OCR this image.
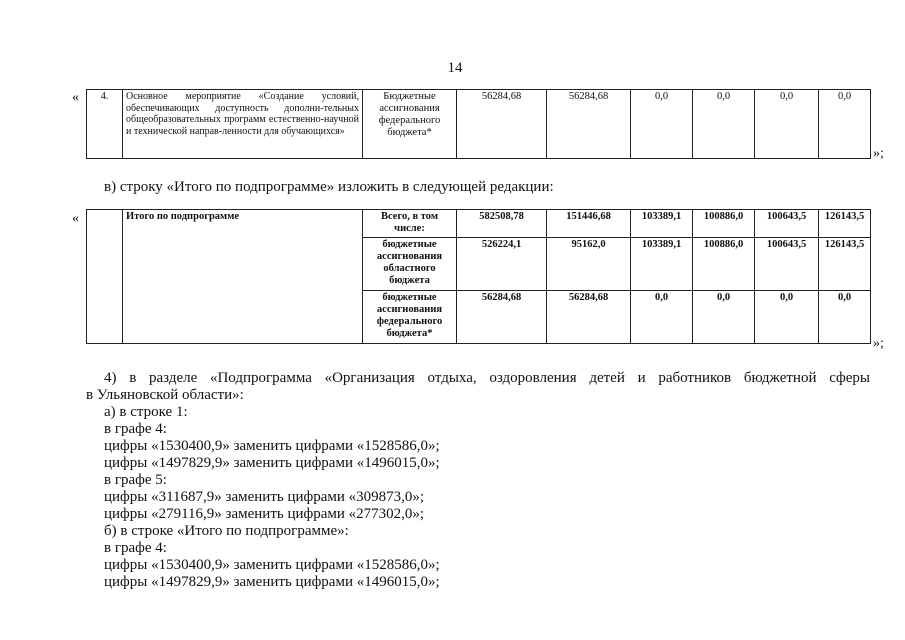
14
« 4.	Основное мероприятие «Создание условий, обеспечивающих доступность дополни-тельных общеобразовательных программ естественно-научной и технической направ-ленности для обучающихся»	Бюджетные ассигнования федерального бюджета*	56284,68	56284,68	0,0	0,0	0,0	0,0
»;
в) строку «Итого по подпрограмме» изложить в следующей редакции:
«
		Итого по подпрограмме	Всего, в том числе:	582508,78	151446,68	103389,1	100886,0	100643,5	126143,5
		бюджетные ассигнования областного бюджета	526224,1	95162,0	103389,1	100886,0	100643,5	126143,5
		бюджетные ассигнования федерального бюджета*	56284,68	56284,68	0,0	0,0	0,0	0,0
»;
4) в разделе «Подпрограмма «Организация отдыха, оздоровления детей и работников бюджетной сферы
в Ульяновской области»:
а) в строке 1:
в графе 4:
цифры «1530400,9» заменить цифрами «1528586,0»;
цифры «1497829,9» заменить цифрами «1496015,0»;
в графе 5:
цифры «311687,9» заменить цифрами «309873,0»;
цифры «279116,9» заменить цифрами «277302,0»;
б) в строке «Итого по подпрограмме»:
в графе 4:
цифры «1530400,9» заменить цифрами «1528586,0»;
цифры «1497829,9» заменить цифрами «1496015,0»;
